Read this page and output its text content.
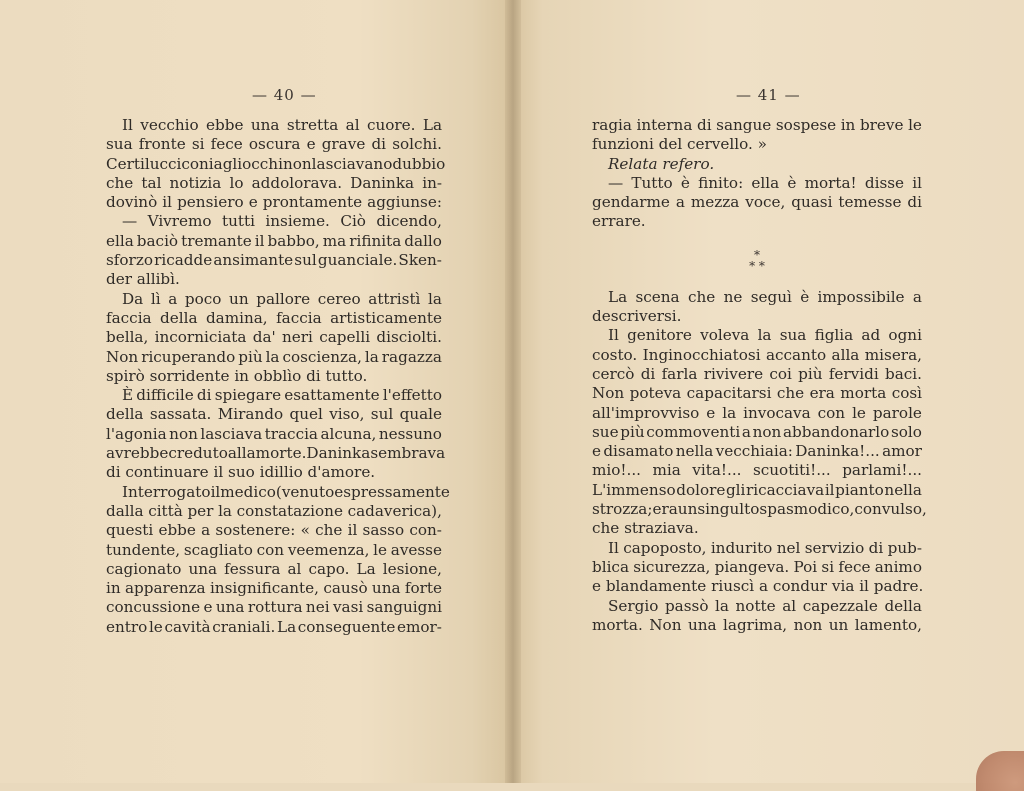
— 40 —
Il vecchio ebbe una stretta al cuore. La
sua fronte si fece oscura e grave di solchi.
Certi lucciconi agli occhi non lasciavano dubbio
che tal notizia lo addolorava. Daninka in-
dovinò il pensiero e prontamente aggiunse:
— Vivremo tutti insieme. Ciò dicendo,
ella baciò tremante il babbo, ma rifinita dallo
sforzo ricadde ansimante sul guanciale. Sken-
der allibì.
Da lì a poco un pallore cereo attristì la
faccia della damina, faccia artisticamente
bella, incorniciata da' neri capelli disciolti.
Non ricuperando più la coscienza, la ragazza
spirò sorridente in obblìo di tutto.
È difficile di spiegare esattamente l'effetto
della sassata. Mirando quel viso, sul quale
l'agonia non lasciava traccia alcuna, nessuno
avrebbe creduto alla morte. Daninka sembrava
di continuare il suo idillio d'amore.
Interrogato il medico (venuto espressamente
dalla città per la constatazione cadaverica),
questi ebbe a sostenere: « che il sasso con-
tundente, scagliato con veemenza, le avesse
cagionato una fessura al capo. La lesione,
in apparenza insignificante, causò una forte
concussione e una rottura nei vasi sanguigni
entro le cavità craniali. La conseguente emor-
— 41 —
ragia interna di sangue sospese in breve le
funzioni del cervello. »
Relata refero.
— Tutto è finito: ella è morta! disse il
gendarme a mezza voce, quasi temesse di
errare.
*
* *
La scena che ne seguì è impossibile a
descriversi.
Il genitore voleva la sua figlia ad ogni
costo. Inginocchiatosi accanto alla misera,
cercò di farla rivivere coi più fervidi baci.
Non poteva capacitarsi che era morta così
all'improvviso e la invocava con le parole
sue più commoventi a non abbandonarlo solo
e disamato nella vecchiaia: Daninka!... amor
mio!... mia vita!... scuotiti!... parlami!...
L'immenso dolore gli ricacciava il pianto nella
strozza; era un singulto spasmodico, convulso,
che straziava.
Il capoposto, indurito nel servizio di pub-
blica sicurezza, piangeva. Poi si fece animo
e blandamente riuscì a condur via il padre.
Sergio passò la notte al capezzale della
morta. Non una lagrima, non un lamento,
